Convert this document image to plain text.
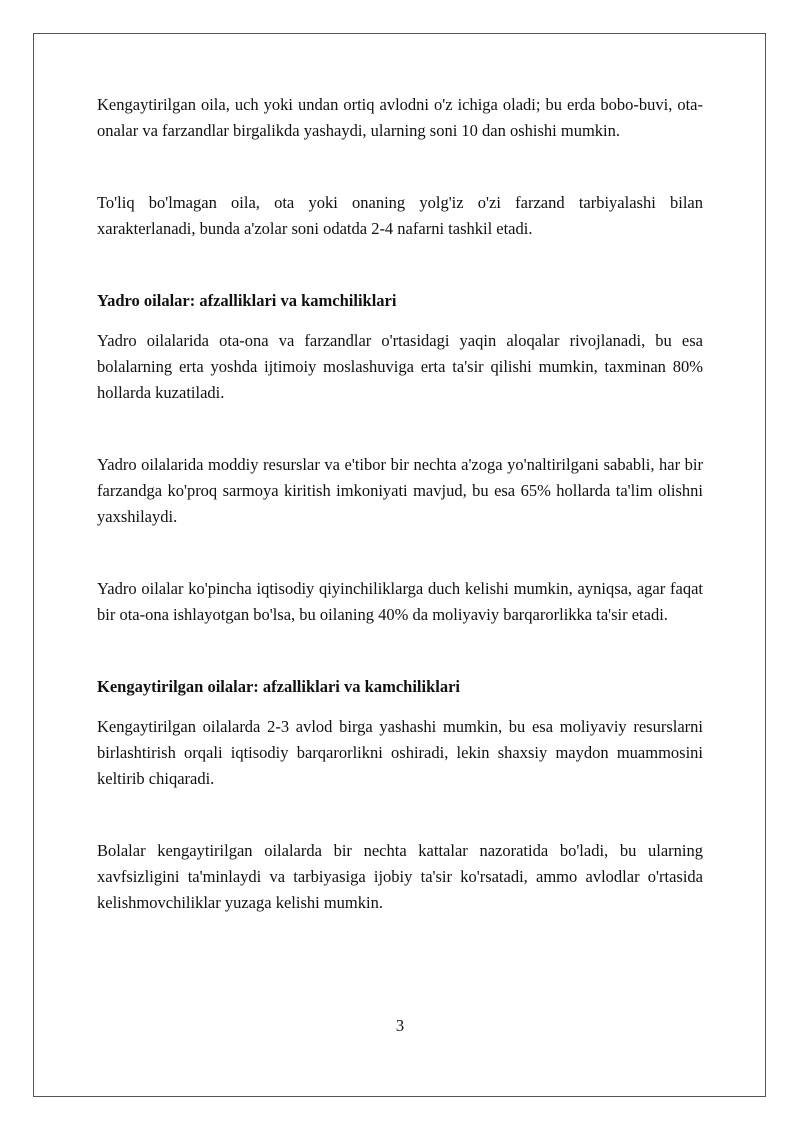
Kengaytirilgan oila, uch yoki undan ortiq avlodni o'z ichiga oladi; bu erda bobo-buvi, ota-onalar va farzandlar birgalikda yashaydi, ularning soni 10 dan oshishi mumkin.

To'liq bo'lmagan oila, ota yoki onaning yolg'iz o'zi farzand tarbiyalashi bilan xarakterlanadi, bunda a'zolar soni odatda 2-4 nafarni tashkil etadi.

Yadro oilalar: afzalliklari va kamchiliklari

Yadro oilalarida ota-ona va farzandlar o'rtasidagi yaqin aloqalar rivojlanadi, bu esa bolalarning erta yoshda ijtimoiy moslashuviga erta ta'sir qilishi mumkin, taxminan 80% hollarda kuzatiladi.

Yadro oilalarida moddiy resurslar va e'tibor bir nechta a'zoga yo'naltirilgani sababli, har bir farzandga ko'proq sarmoya kiritish imkoniyati mavjud, bu esa 65% hollarda ta'lim olishni yaxshilaydi.

Yadro oilalar ko'pincha iqtisodiy qiyinchiliklarga duch kelishi mumkin, ayniqsa, agar faqat bir ota-ona ishlayotgan bo'lsa, bu oilaning 40% da moliyaviy barqarorlikka ta'sir etadi.

Kengaytirilgan oilalar: afzalliklari va kamchiliklari

Kengaytirilgan oilalarda 2-3 avlod birga yashashi mumkin, bu esa moliyaviy resurslarni birlashtirish orqali iqtisodiy barqarorlikni oshiradi, lekin shaxsiy maydon muammosini keltirib chiqaradi.

Bolalar kengaytirilgan oilalarda bir nechta kattalar nazoratida bo'ladi, bu ularning xavfsizligini ta'minlaydi va tarbiyasiga ijobiy ta'sir ko'rsatadi, ammo avlodlar o'rtasida kelishmovchiliklar yuzaga kelishi mumkin.

3
